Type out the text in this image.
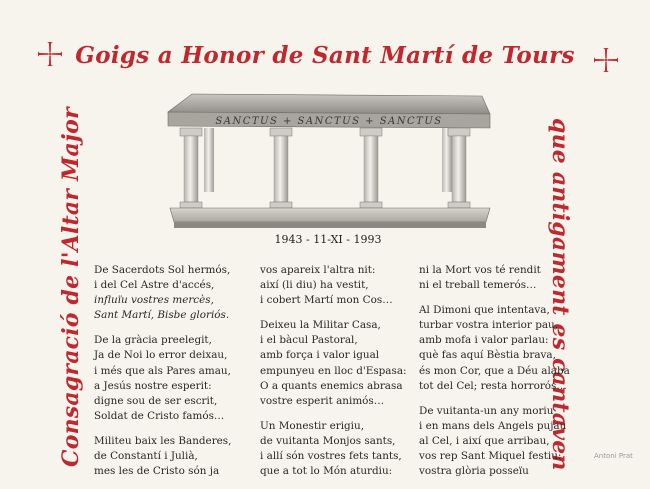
Goigs a Honor de Sant Martí de Tours
SANCTUS + SANCTUS + SANCTUS
1943 - 11-XI - 1993
Consagració de l'Altar Major	que antigament es cantaven
De Sacerdots Sol hermós,
i del Cel Astre d'accés,
influïu vostres mercès,
Sant Martí, Bisbe gloriós.
De la gràcia preelegit,
Ja de Noi lo error deixau,
i més que als Pares amau,
a Jesús nostre esperit:
digne sou de ser escrit,
Soldat de Cristo famós…
Militeu baix les Banderes,
de Constantí i Julià,
mes les de Cristo són ja
vos apareix l'altra nit:
així (li diu) ha vestit,
i cobert Martí mon Cos…
Deixeu la Militar Casa,
i el bàcul Pastoral,
amb força i valor igual
empunyeu en lloc d'Espasa:
O a quants enemics abrasa
vostre esperit animós…
Un Monestir erigiu,
de vuitanta Monjos sants,
i allí són vostres fets tants,
que a tot lo Món aturdiu:
ni la Mort vos té rendit
ni el treball temerós…
Al Dimoni que intentava,
turbar vostra interior pau,
amb mofa i valor parlau:
què fas aquí Bèstia brava,
és mon Cor, que a Déu alaba
tot del Cel; resta horrorós…
De vuitanta-un any moriu
i en mans dels Angels pujau
al Cel, i així que arribau,
vos rep Sant Miquel festiu:
vostra glòria posseïu
Antoni Prat
